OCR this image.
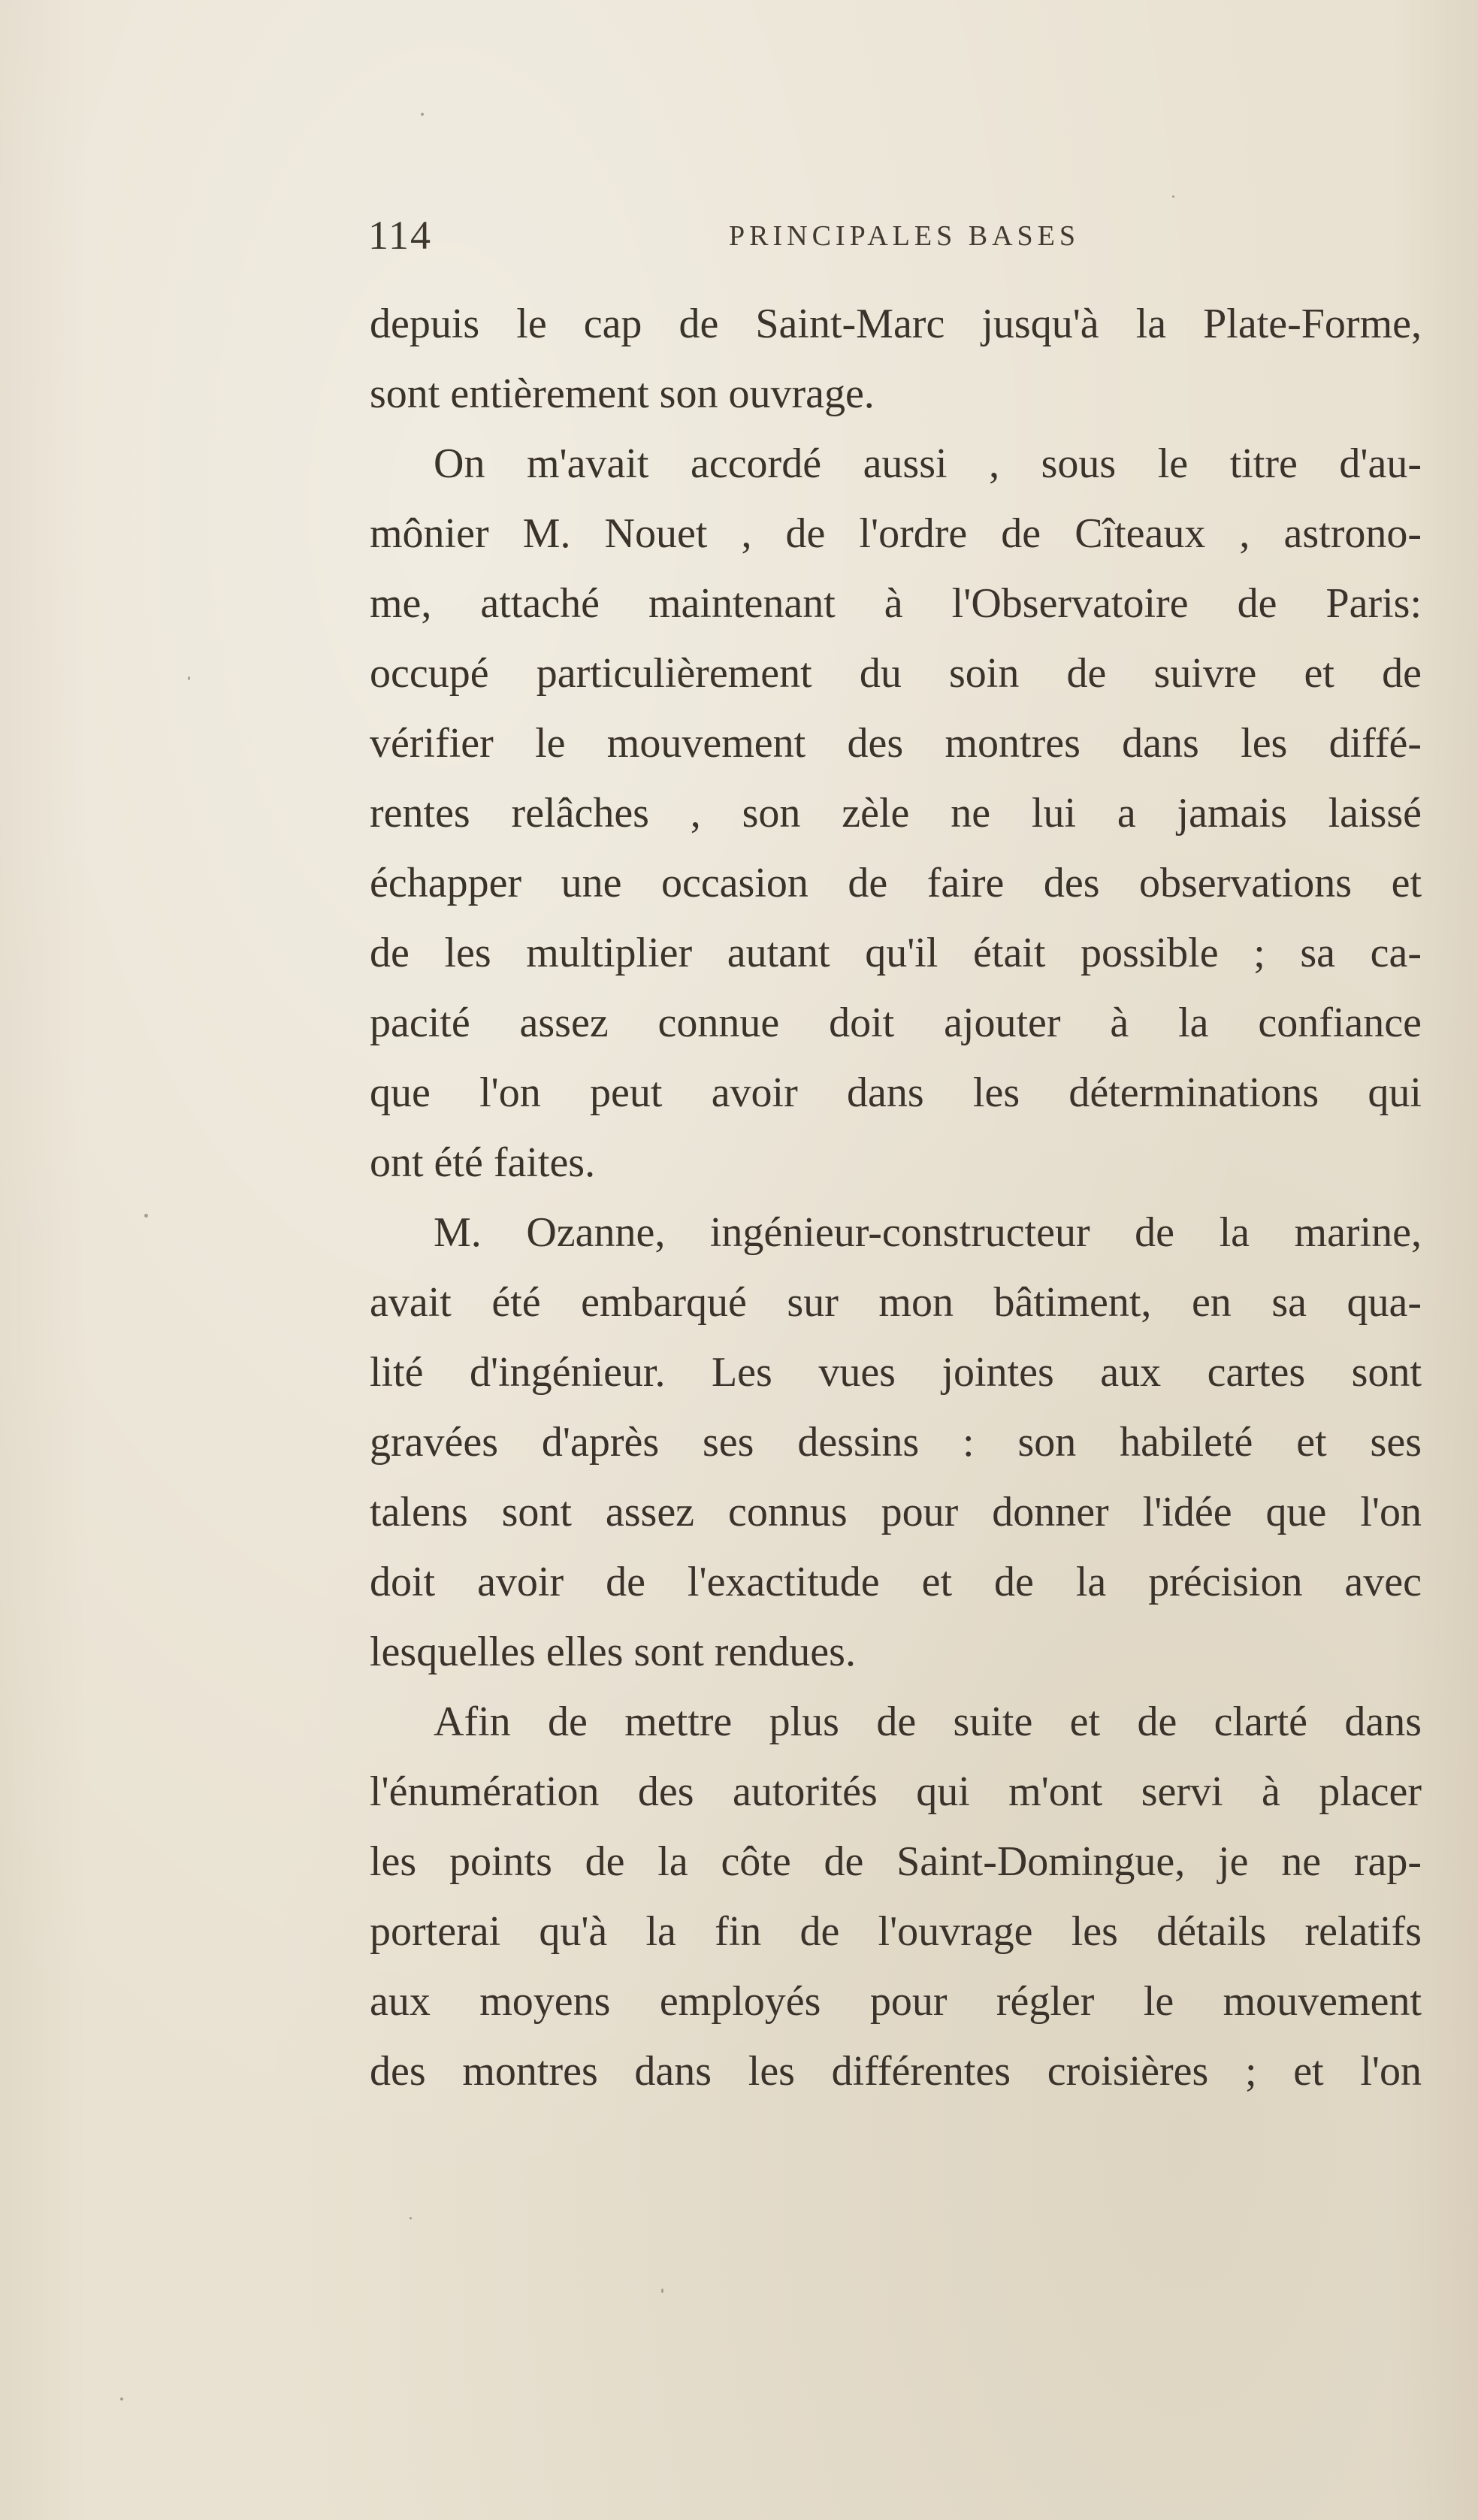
114	PRINCIPALES BASES
depuis le cap de Saint-Marc jusqu'à la Plate-Forme,
sont entièrement son ouvrage.
On m'avait accordé aussi , sous le titre d'au-
mônier M. Nouet , de l'ordre de Cîteaux , astrono-
me, attaché maintenant à l'Observatoire de Paris:
occupé particulièrement du soin de suivre et de
vérifier le mouvement des montres dans les diffé-
rentes relâches , son zèle ne lui a jamais laissé
échapper une occasion de faire des observations et
de les multiplier autant qu'il était possible ; sa ca-
pacité assez connue doit ajouter à la confiance
que l'on peut avoir dans les déterminations qui
ont été faites.
M. Ozanne, ingénieur-constructeur de la marine,
avait été embarqué sur mon bâtiment, en sa qua-
lité d'ingénieur. Les vues jointes aux cartes sont
gravées d'après ses dessins : son habileté et ses
talens sont assez connus pour donner l'idée que l'on
doit avoir de l'exactitude et de la précision avec
lesquelles elles sont rendues.
Afin de mettre plus de suite et de clarté dans
l'énumération des autorités qui m'ont servi à placer
les points de la côte de Saint-Domingue, je ne rap-
porterai qu'à la fin de l'ouvrage les détails relatifs
aux moyens employés pour régler le mouvement
des montres dans les différentes croisières ; et l'on
